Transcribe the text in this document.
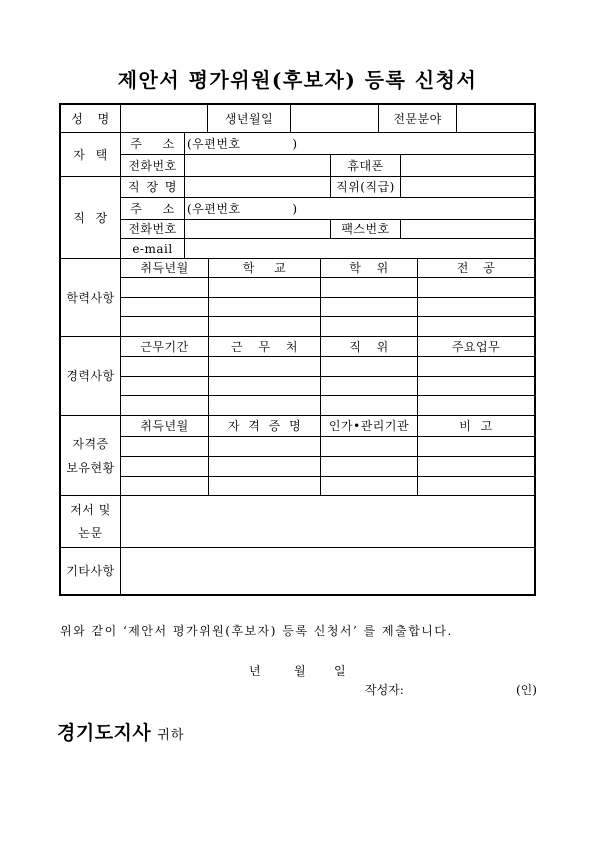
제안서 평가위원(후보자) 등록 신청서
성 명	생년월일	전문분야
자 택
주 소	(우편번호            )
전화번호	휴대폰
직 장
직 장 명	직위(직급)
주 소	(우편번호            )
전화번호	팩스번호
e-mail
학력사항
취득년월	학 교	학 위	전 공
경력사항
근무기간	근 무 처	직 위	주요업무
자격증
보유현황
취득년월	자 격 증 명	인가•관리기관	비 고
저서 및
논문
기타사항
위와 같이 ‘제안서 평가위원(후보자) 등록 신청서’ 를 제출합니다.
년	월 일
작성자:	(인)
경기도지사 귀하
